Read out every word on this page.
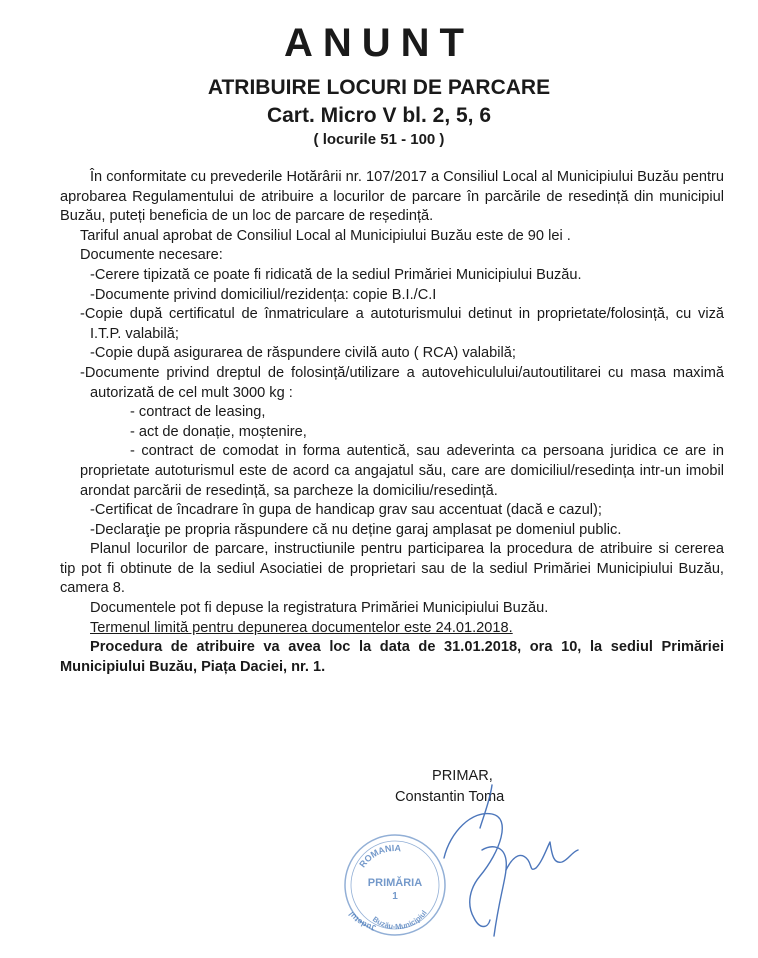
ANUNT
ATRIBUIRE LOCURI DE PARCARE
Cart. Micro V bl. 2, 5, 6
( locurile 51 - 100 )

În conformitate cu prevederile Hotărârii nr. 107/2017 a Consiliul Local al Municipiului Buzău pentru aprobarea Regulamentului de atribuire a locurilor de parcare în parcările de resedință din municipiul Buzău, puteți beneficia de un loc de parcare de reședință.

Tariful anual aprobat de Consiliul Local al Municipiului Buzău este de 90 lei .

Documente necesare:

-Cerere tipizată ce poate fi ridicată de la sediul Primăriei Municipiului Buzău.

-Documente privind domiciliul/rezidența: copie B.I./C.I

-Copie după certificatul de înmatriculare a autoturismului detinut in proprietate/folosință, cu viză I.T.P. valabilă;

-Copie după asigurarea de răspundere civilă auto ( RCA) valabilă;

-Documente privind dreptul de folosință/utilizare a autovehiculului/autoutilitarei cu masa maximă autorizată de cel mult 3000 kg :

- contract de leasing,

- act de donație, moștenire,

- contract de comodat in forma autentică, sau adeverinta ca persoana juridica ce are in proprietate autoturismul este de acord ca angajatul său, care are domiciliul/resedința intr-un imobil arondat parcării de resedință, sa parcheze la domiciliu/resedință.

-Certificat de încadrare în gupa de handicap grav sau accentuat (dacă e cazul);

-Declaraţie pe propria răspundere că nu deține garaj amplasat pe domeniul public.

Planul locurilor de parcare, instructiunile pentru participarea la procedura de atribuire si cererea tip pot fi obtinute de la sediul Asociatiei de proprietari sau de la sediul Primăriei Municipiului Buzău, camera 8.

Documentele pot fi depuse la registratura Primăriei Municipiului Buzău.

Termenul limită pentru depunerea documentelor este 24.01.2018.

Procedura de atribuire va avea loc la data de 31.01.2018, ora 10, la sediul Primăriei Municipiului Buzău, Piața Daciei, nr. 1.

PRIMAR,
Constantin Toma
ROMANIA
Judetul
Buzău-Municipiul
PRIMĂRIA
1
